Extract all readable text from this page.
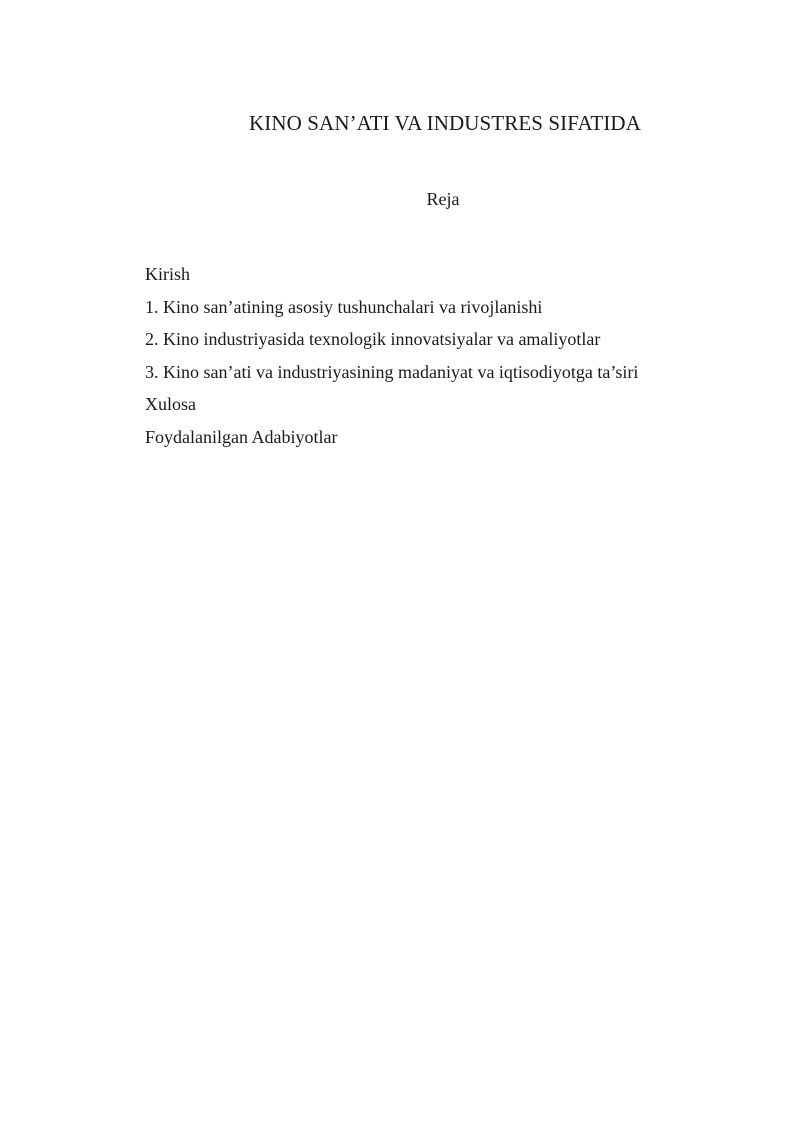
KINO SAN’ATI VA INDUSTRES SIFATIDA
Reja
Kirish
1. Kino san’atining asosiy tushunchalari va rivojlanishi
2. Kino industriyasida texnologik innovatsiyalar va amaliyotlar
3. Kino san’ati va industriyasining madaniyat va iqtisodiyotga ta’siri
Xulosa
Foydalanilgan Adabiyotlar
